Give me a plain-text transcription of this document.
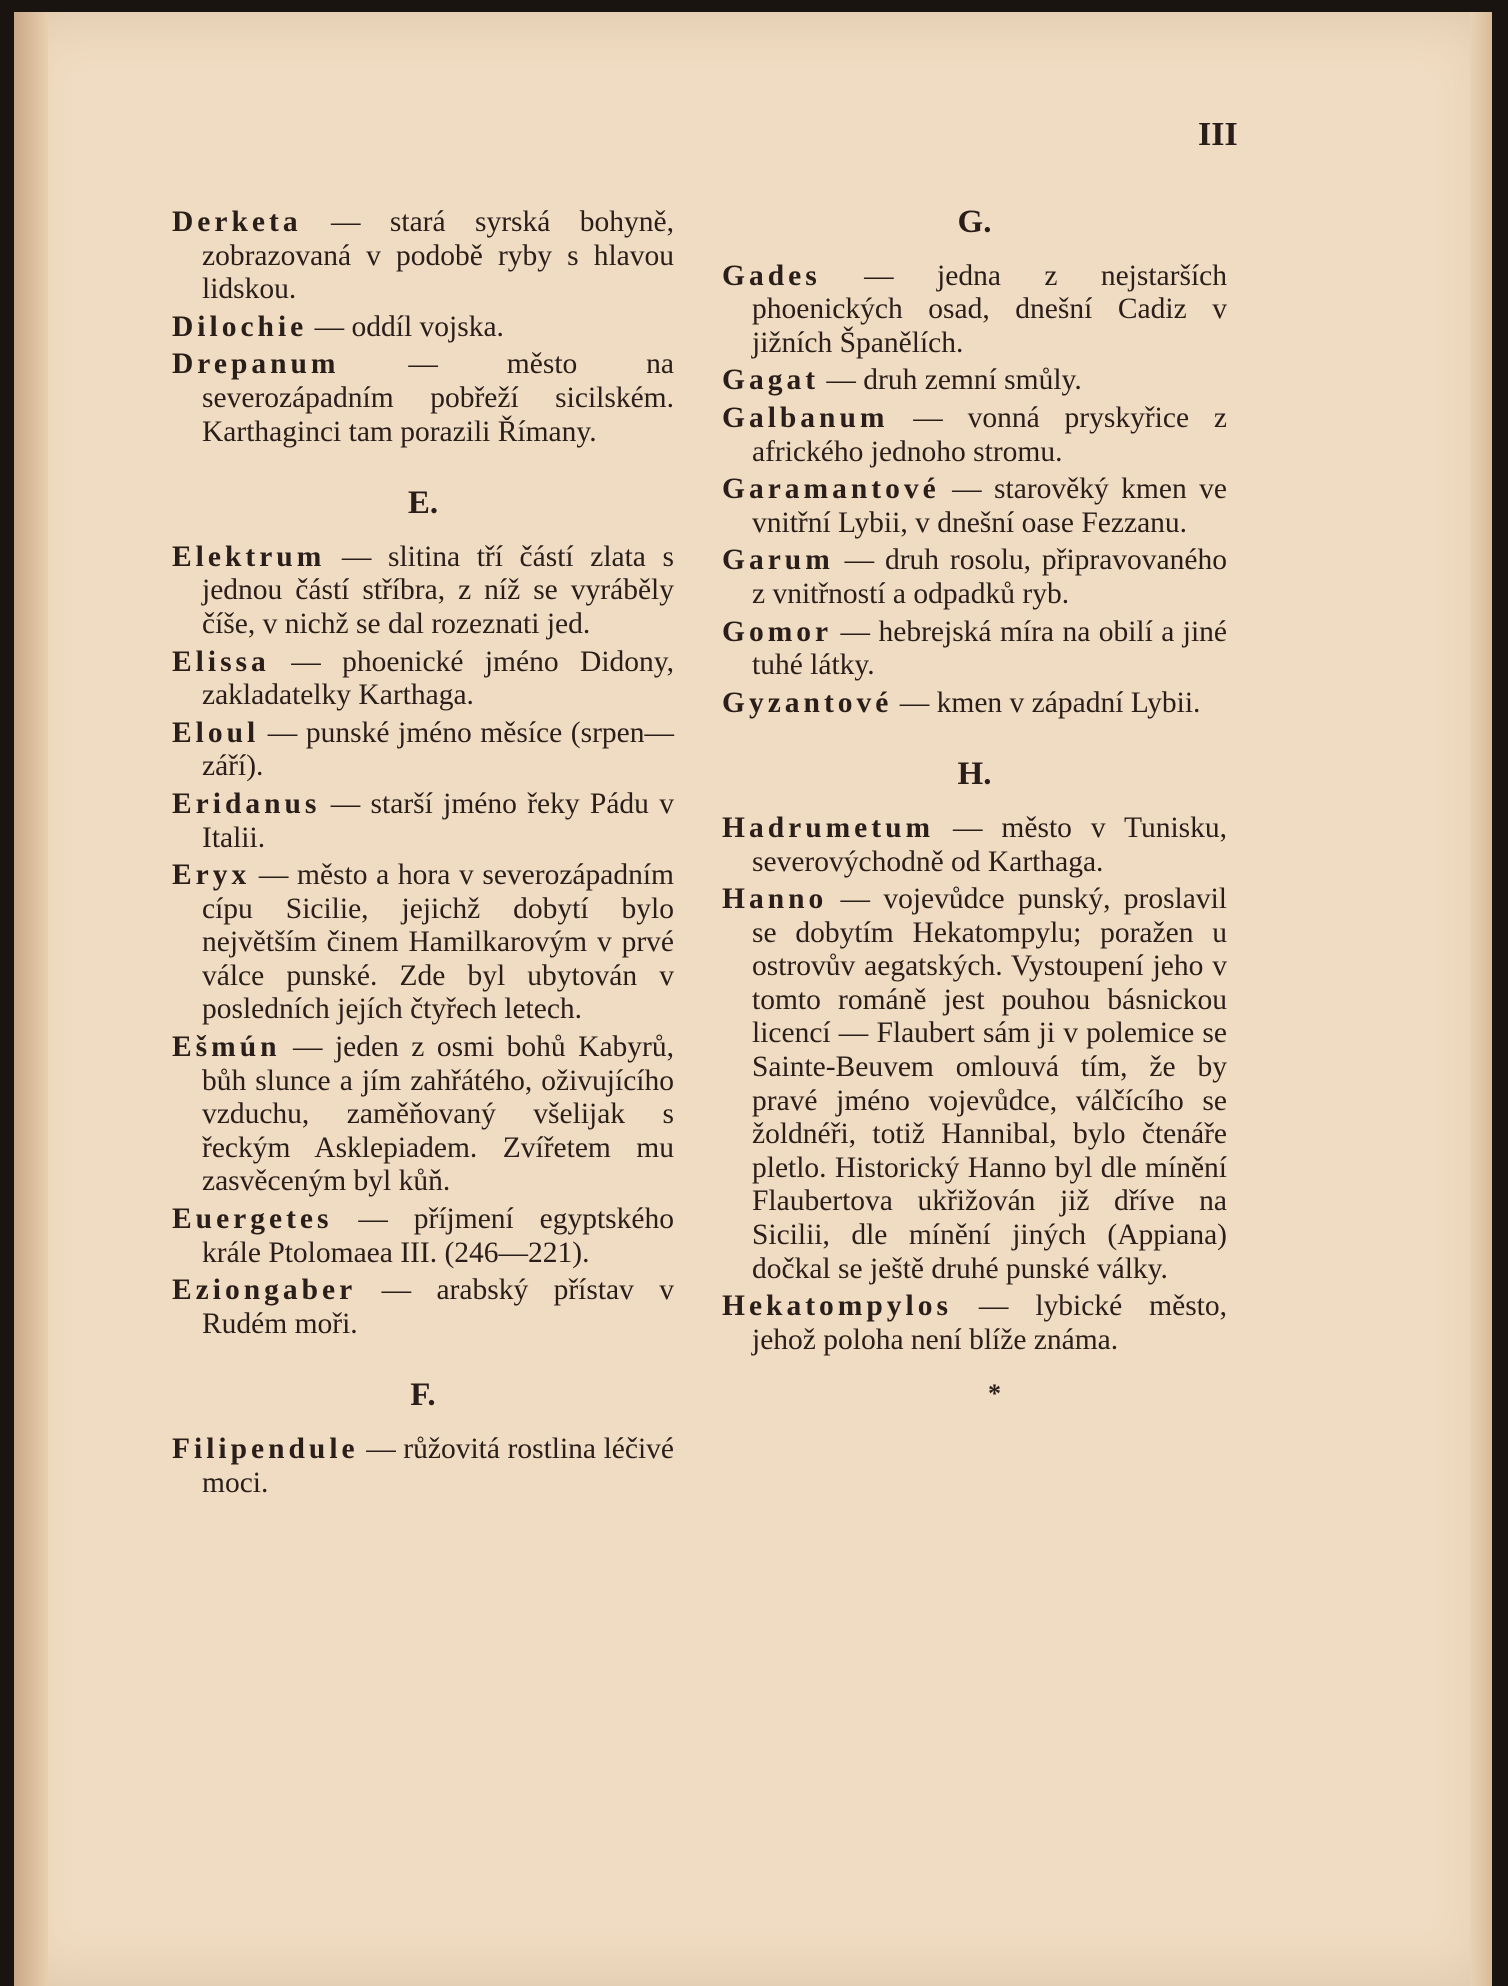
III

Derketa — stará syrská bohyně, zobrazovaná v podobě ryby s hlavou lidskou.

Dilochie — oddíl vojska.

Drepanum — město na severozápadním pobřeží sicilském. Karthaginci tam porazili Římany.

E.

Elektrum — slitina tří částí zlata s jednou částí stříbra, z níž se vyráběly číše, v nichž se dal rozeznati jed.

Elissa — phoenické jméno Didony, zakladatelky Karthaga.

Eloul — punské jméno měsíce (srpen—září).

Eridanus — starší jméno řeky Pádu v Italii.

Eryx — město a hora v severozápadním cípu Sicilie, jejichž dobytí bylo největším činem Hamilkarovým v prvé válce punské. Zde byl ubytován v posledních jejích čtyřech letech.

Ešmún — jeden z osmi bohů Kabyrů, bůh slunce a jím zahřátého, oživujícího vzduchu, zaměňovaný všelijak s řeckým Asklepiadem. Zvířetem mu zasvěceným byl kůň.

Euergetes — příjmení egyptského krále Ptolomaea III. (246—221).

Eziongaber — arabský přístav v Rudém moři.

F.

Filipendule — růžovitá rostlina léčivé moci.

G.

Gades — jedna z nejstarších phoenických osad, dnešní Cadiz v jižních Španělích.

Gagat — druh zemní smůly.

Galbanum — vonná pryskyřice z afrického jednoho stromu.

Garamantové — starověký kmen ve vnitřní Lybii, v dnešní oase Fezzanu.

Garum — druh rosolu, připravovaného z vnitřností a odpadků ryb.

Gomor — hebrejská míra na obilí a jiné tuhé látky.

Gyzantové — kmen v západní Lybii.

H.

Hadrumetum — město v Tunisku, severovýchodně od Karthaga.

Hanno — vojevůdce punský, proslavil se dobytím Hekatompylu; poražen u ostrovův aegatských. Vystoupení jeho v tomto románě jest pouhou básnickou licencí — Flaubert sám ji v polemice se Sainte-Beuvem omlouvá tím, že by pravé jméno vojevůdce, válčícího se žoldnéři, totiž Hannibal, bylo čtenáře pletlo. Historický Hanno byl dle mínění Flaubertova ukřižován již dříve na Sicilii, dle mínění jiných (Appiana) dočkal se ještě druhé punské války.

Hekatompylos — lybické město, jehož poloha není blíže známa.

*
